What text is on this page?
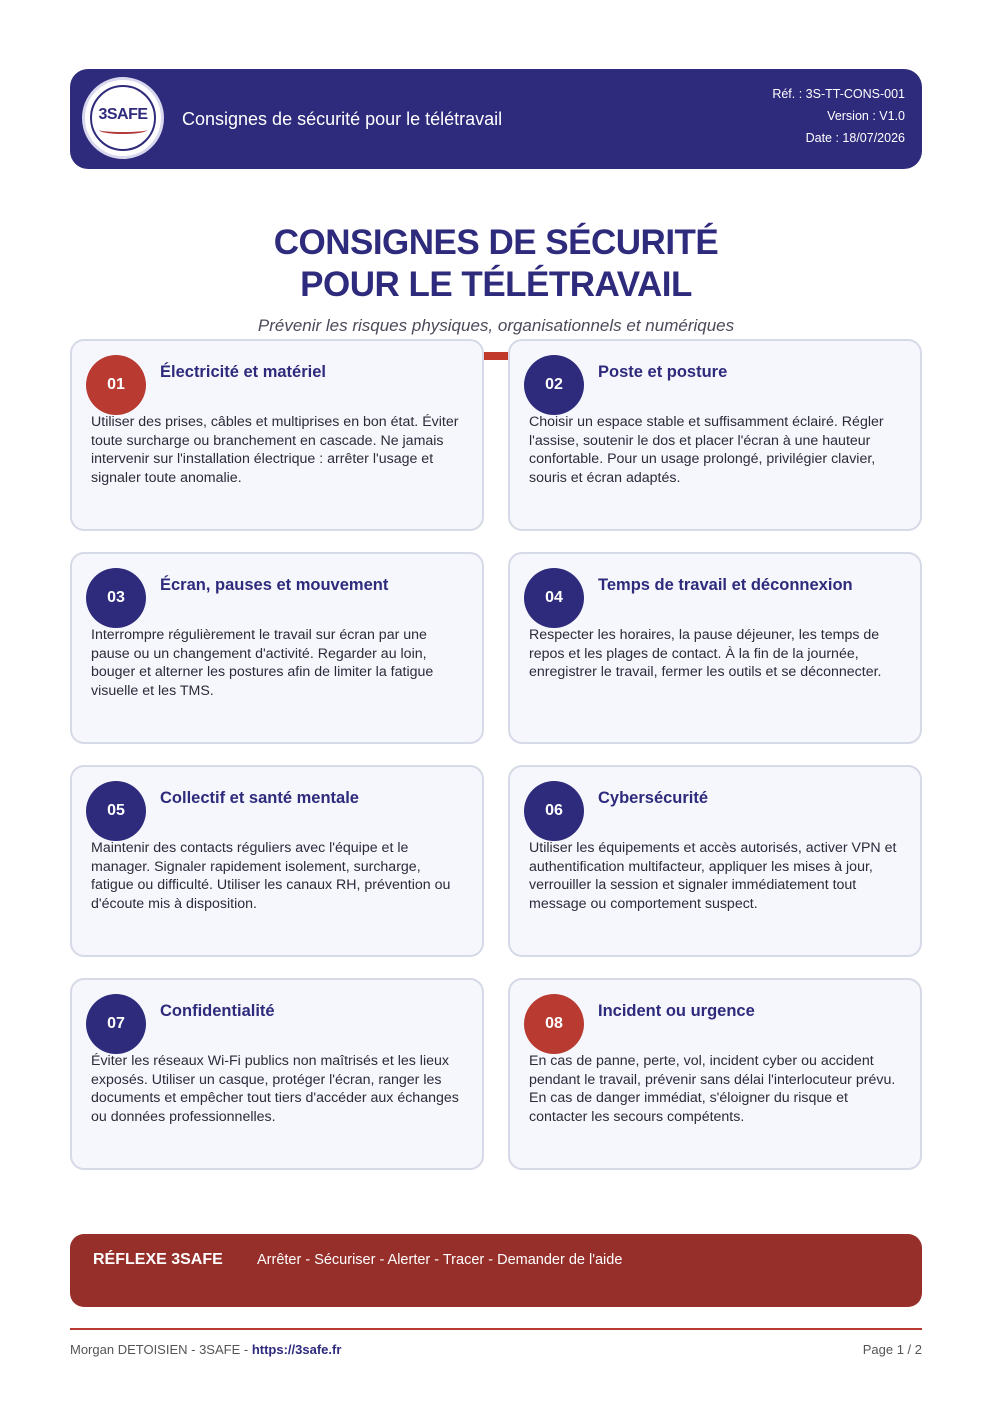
3SAFE	Consignes de sécurité pour le télétravail
Réf. : 3S-TT-CONS-001
Version : V1.0
Date : 18/07/2026
CONSIGNES DE SÉCURITÉ
POUR LE TÉLÉTRAVAIL
Prévenir les risques physiques, organisationnels et numériques
01
Électricité et matériel
Utiliser des prises, câbles et multiprises en bon état. Éviter toute surcharge ou branchement en cascade. Ne jamais intervenir sur l'installation électrique : arrêter l'usage et signaler toute anomalie.
02
Poste et posture
Choisir un espace stable et suffisamment éclairé. Régler l'assise, soutenir le dos et placer l'écran à une hauteur confortable. Pour un usage prolongé, privilégier clavier, souris et écran adaptés.
03
Écran, pauses et mouvement
Interrompre régulièrement le travail sur écran par une pause ou un changement d'activité. Regarder au loin, bouger et alterner les postures afin de limiter la fatigue visuelle et les TMS.
04
Temps de travail et déconnexion
Respecter les horaires, la pause déjeuner, les temps de repos et les plages de contact. À la fin de la journée, enregistrer le travail, fermer les outils et se déconnecter.
05
Collectif et santé mentale
Maintenir des contacts réguliers avec l'équipe et le manager. Signaler rapidement isolement, surcharge, fatigue ou difficulté. Utiliser les canaux RH, prévention ou d'écoute mis à disposition.
06
Cybersécurité
Utiliser les équipements et accès autorisés, activer VPN et authentification multifacteur, appliquer les mises à jour, verrouiller la session et signaler immédiatement tout message ou comportement suspect.
07
Confidentialité
Éviter les réseaux Wi-Fi publics non maîtrisés et les lieux exposés. Utiliser un casque, protéger l'écran, ranger les documents et empêcher tout tiers d'accéder aux échanges ou données professionnelles.
08
Incident ou urgence
En cas de panne, perte, vol, incident cyber ou accident pendant le travail, prévenir sans délai l'interlocuteur prévu. En cas de danger immédiat, s'éloigner du risque et contacter les secours compétents.
RÉFLEXE 3SAFE Arrêter - Sécuriser - Alerter - Tracer - Demander de l'aide
Morgan DETOISIEN - 3SAFE - https://3safe.fr	Page 1 / 2
